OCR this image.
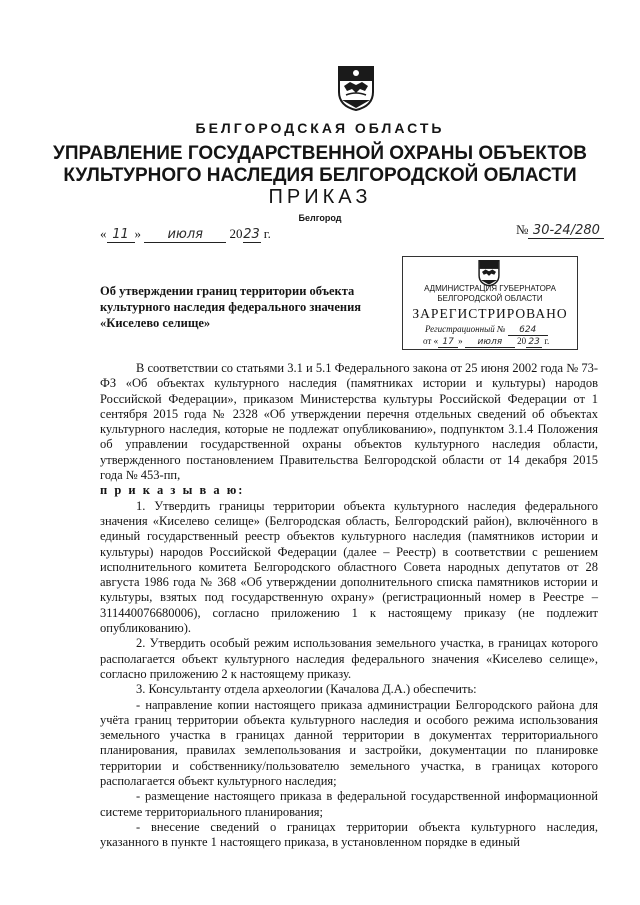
БЕЛГОРОДСКАЯ ОБЛАСТЬ
УПРАВЛЕНИЕ ГОСУДАРСТВЕННОЙ ОХРАНЫ ОБЪЕКТОВ
КУЛЬТУРНОГО НАСЛЕДИЯ БЕЛГОРОДСКОЙ ОБЛАСТИ
ПРИКАЗ
Белгород
« 11 » июля 2023 г.	№ 30-24/280
Об утверждении границ территории объекта культурного наследия федерального значения «Киселево селище»
АДМИНИСТРАЦИЯ ГУБЕРНАТОРА
БЕЛГОРОДСКОЙ ОБЛАСТИ
ЗАРЕГИСТРИРОВАНО
Регистрационный № 624
от « 17 » июля 20 23 г.

В соответствии со статьями 3.1 и 5.1 Федерального закона от 25 июня 2002 года № 73-ФЗ «Об объектах культурного наследия (памятниках истории и культуры) народов Российской Федерации», приказом Министерства культуры Российской Федерации от 1 сентября 2015 года № 2328 «Об утверждении перечня отдельных сведений об объектах культурного наследия, которые не подлежат опубликованию», подпунктом 3.1.4 Положения об управлении государственной охраны объектов культурного наследия области, утвержденного постановлением Правительства Белгородской области от 14 декабря 2015 года № 453-пп,

п р и к а з ы в а ю:

1. Утвердить границы территории объекта культурного наследия федерального значения «Киселево селище» (Белгородская область, Белгородский район), включённого в единый государственный реестр объектов культурного наследия (памятников истории и культуры) народов Российской Федерации (далее – Реестр) в соответствии с решением исполнительного комитета Белгородского областного Совета народных депутатов от 28 августа 1986 года № 368 «Об утверждении дополнительного списка памятников истории и культуры, взятых под государственную охрану» (регистрационный номер в Реестре – 311440076680006), согласно приложению 1 к настоящему приказу (не подлежит опубликованию).

2. Утвердить особый режим использования земельного участка, в границах которого располагается объект культурного наследия федерального значения «Киселево селище», согласно приложению 2 к настоящему приказу.

3. Консультанту отдела археологии (Качалова Д.А.) обеспечить:

- направление копии настоящего приказа администрации Белгородского района для учёта границ территории объекта культурного наследия и особого режима использования земельного участка в границах данной территории в документах территориального планирования, правилах землепользования и застройки, документации по планировке территории и собственнику/пользователю земельного участка, в границах которого располагается объект культурного наследия;

- размещение настоящего приказа в федеральной государственной информационной системе территориального планирования;

- внесение сведений о границах территории объекта культурного наследия, указанного в пункте 1 настоящего приказа, в установленном порядке в единый
